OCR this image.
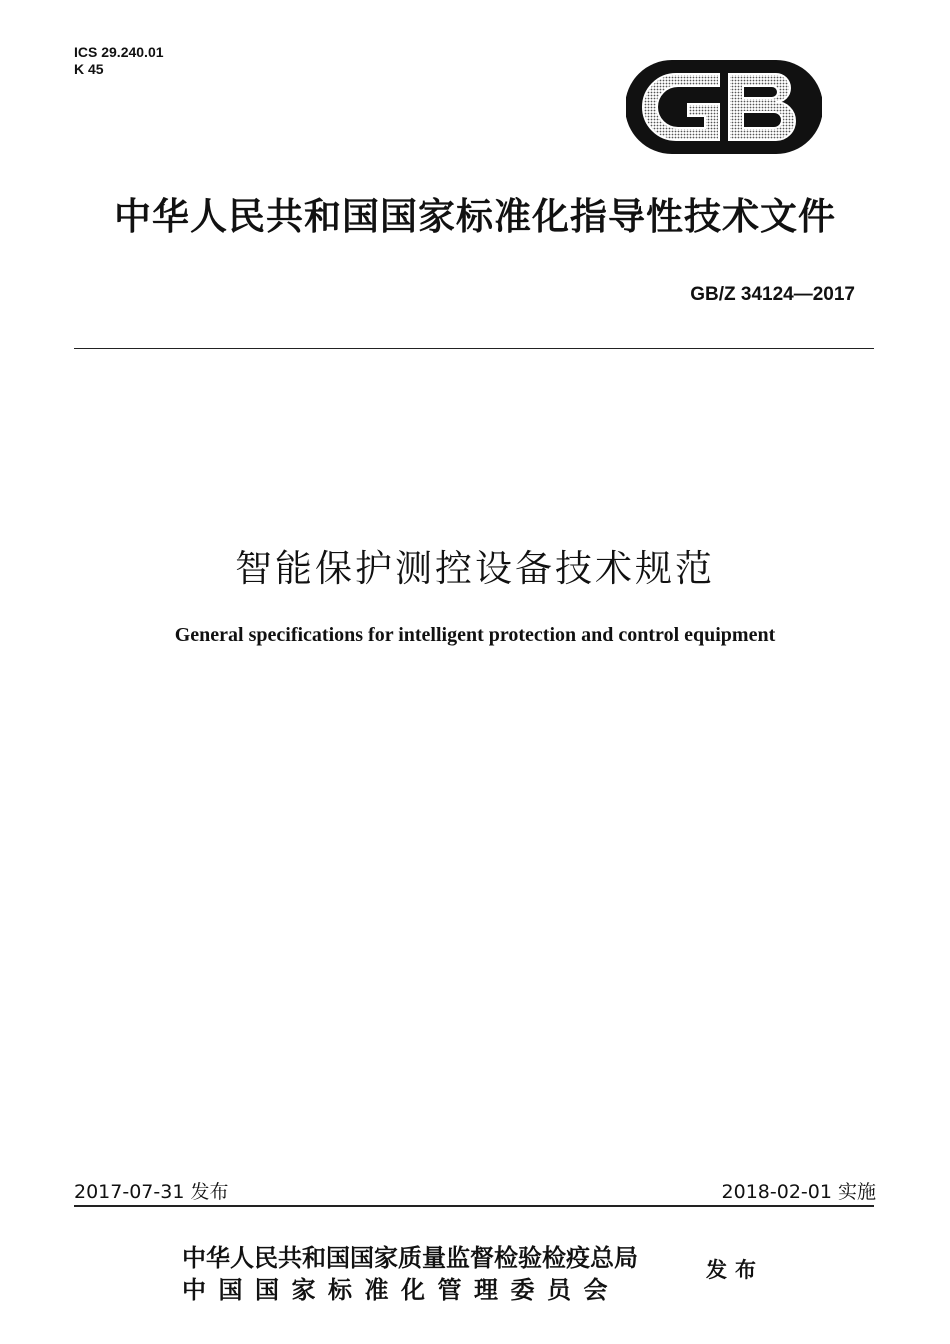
ICS 29.240.01
K 45
中华人民共和国国家标准化指导性技术文件
GB/Z 34124—2017
智能保护测控设备技术规范
General specifications for intelligent protection and control equipment
2017-07-31 发布	2018-02-01 实施
中华人民共和国国家质量监督检验检疫总局
中国国家标准化管理委员会
发布
